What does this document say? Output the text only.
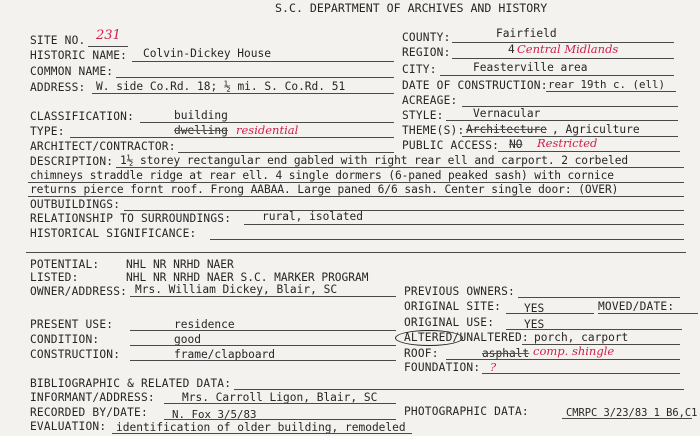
S.C. DEPARTMENT OF ARCHIVES AND HISTORY
SITE NO. 231	COUNTY:	Fairfield
HISTORIC NAME: Colvin-Dickey House	REGION:	4 Central Midlands
COMMON NAME:	CITY:	Feasterville area
ADDRESS: W. side Co.Rd. 18; ½ mi. S. Co.Rd. 51	DATE OF CONSTRUCTION: rear 19th c. (ell)
ACREAGE:
CLASSIFICATION:	building	STYLE:	Vernacular
TYPE:	dwelling residential	THEME(S): Architecture , Agriculture
ARCHITECT/CONTRACTOR:	PUBLIC ACCESS: NO Restricted
DESCRIPTION: 1½ storey rectangular end gabled with right rear ell and carport. 2 corbeled
chimneys straddle ridge at rear ell. 4 single dormers (6-paned peaked sash) with cornice
returns pierce fornt roof. Frong AABAA. Large paned 6/6 sash. Center single door: (OVER)
OUTBUILDINGS:
RELATIONSHIP TO SURROUNDINGS:	rural, isolated
HISTORICAL SIGNIFICANCE:
POTENTIAL: NHL NR NRHD NAER
LISTED:	NHL NR NRHD NAER S.C. MARKER PROGRAM
OWNER/ADDRESS: Mrs. William Dickey, Blair, SC	PREVIOUS OWNERS:
ORIGINAL SITE: YES	MOVED/DATE:
PRESENT USE:	residence	ORIGINAL USE:	YES
CONDITION:	good	ALTERED/UNALTERED: porch, carport
CONSTRUCTION:	frame/clapboard	ROOF:	asphalt comp. shingle
FOUNDATION: ?
BIBLIOGRAPHIC & RELATED DATA:
INFORMANT/ADDRESS: Mrs. Carroll Ligon, Blair, SC
RECORDED BY/DATE: N. Fox 3/5/83	PHOTOGRAPHIC DATA:	CMRPC 3/23/83 1 B6,C1
EVALUATION: identification of older building, remodeled
